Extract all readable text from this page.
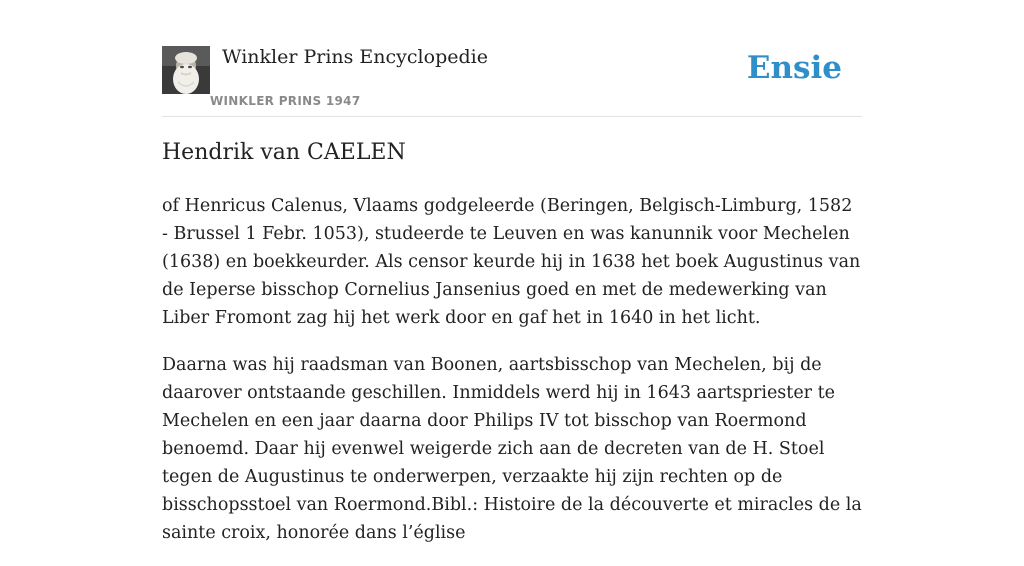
Winkler Prins Encyclopedie
WINKLER PRINS 1947
Ensie
Hendrik van CAELEN

of Henricus Calenus, Vlaams godgeleerde (Beringen, Belgisch-Limburg, 1582 - Brussel 1 Febr. 1053), studeerde te Leuven en was kanunnik voor Mechelen (1638) en boekkeurder. Als censor keurde hij in 1638 het boek Augustinus van de Ieperse bisschop Cornelius Jansenius goed en met de medewerking van Liber Fromont zag hij het werk door en gaf het in 1640 in het licht.

Daarna was hij raadsman van Boonen, aartsbisschop van Mechelen, bij de daarover ontstaande geschillen. Inmiddels werd hij in 1643 aartspriester te Mechelen en een jaar daarna door Philips IV tot bisschop van Roermond benoemd. Daar hij evenwel weigerde zich aan de decreten van de H. Stoel tegen de Augustinus te onderwerpen, verzaakte hij zijn rechten op de bisschopsstoel van Roermond.Bibl.: Histoire de la découverte et miracles de la sainte croix, honorée dans l’église
